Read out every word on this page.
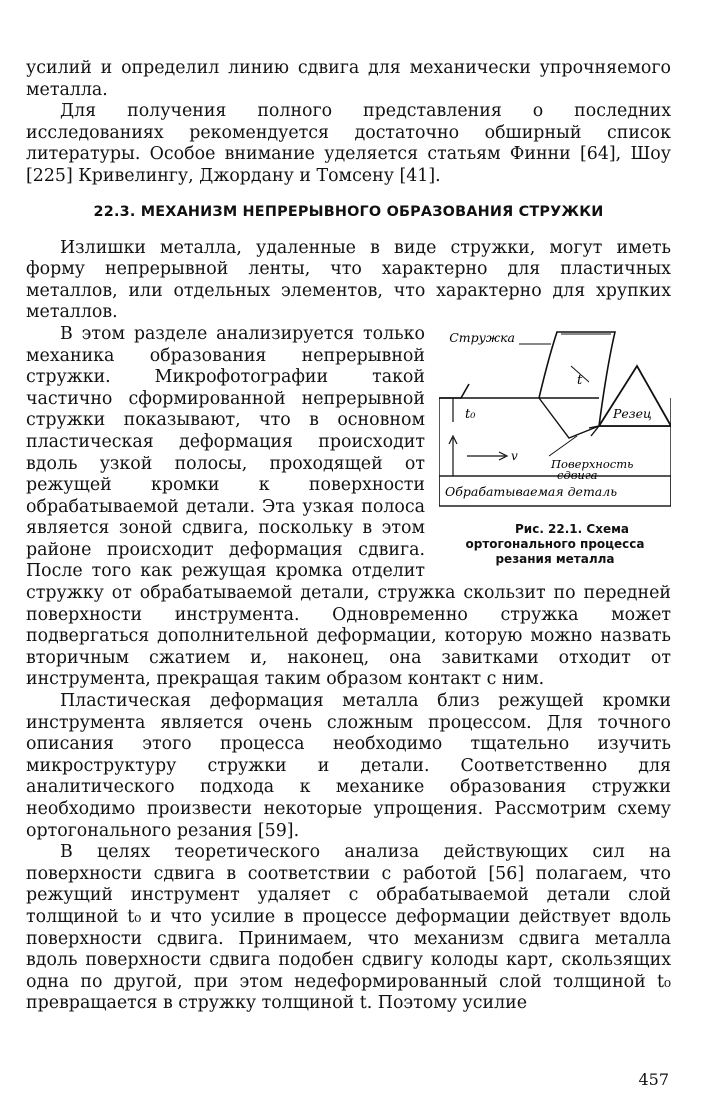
усилий и определил линию сдвига для механически упрочняемого металла.

Для получения полного представления о последних исследованиях рекомендуется достаточно обширный список литературы. Особое внимание уделяется статьям Финни [64], Шоу [225] Кривелингу, Джордану и Томсену [41].

22.3. МЕХАНИЗМ НЕПРЕРЫВНОГО ОБРАЗОВАНИЯ СТРУЖКИ

Излишки металла, удаленные в виде стружки, могут иметь форму непрерывной ленты, что характерно для пластичных металлов, или отдельных элементов, что характерно для хрупких металлов.

Стружка
t
t₀	Резец
v
Поверхность
сдвига
Обрабатываемая деталь
Рис. 22.1. Схема ортогонального процесса резания металла
В этом разделе анализируется только механика образования непрерывной стружки. Микрофотографии такой частично сформированной непрерывной стружки показывают, что в основном пластическая деформация происходит вдоль узкой полосы, проходящей от режущей кромки к поверхности обрабатываемой детали. Эта узкая полоса является зоной сдвига, поскольку в этом районе происходит деформация сдвига. После того как режущая кромка отделит стружку от обрабатываемой детали, стружка скользит по передней поверхности инструмента. Одновременно стружка может подвергаться дополнительной деформации, которую можно назвать вторичным сжатием и, наконец, она завитками отходит от инструмента, прекращая таким образом контакт с ним.

Пластическая деформация металла близ режущей кромки инструмента является очень сложным процессом. Для точного описания этого процесса необходимо тщательно изучить микроструктуру стружки и детали. Соответственно для аналитического подхода к механике образования стружки необходимо произвести некоторые упрощения. Рассмотрим схему ортогонального резания [59].

В целях теоретического анализа действующих сил на поверхности сдвига в соответствии с работой [56] полагаем, что режущий инструмент удаляет с обрабатываемой детали слой толщиной t₀ и что усилие в процессе деформации действует вдоль поверхности сдвига. Принимаем, что механизм сдвига металла вдоль поверхности сдвига подобен сдвигу колоды карт, скользящих одна по другой, при этом недеформированный слой толщиной t₀ превращается в стружку толщиной t. Поэтому усилие

457
